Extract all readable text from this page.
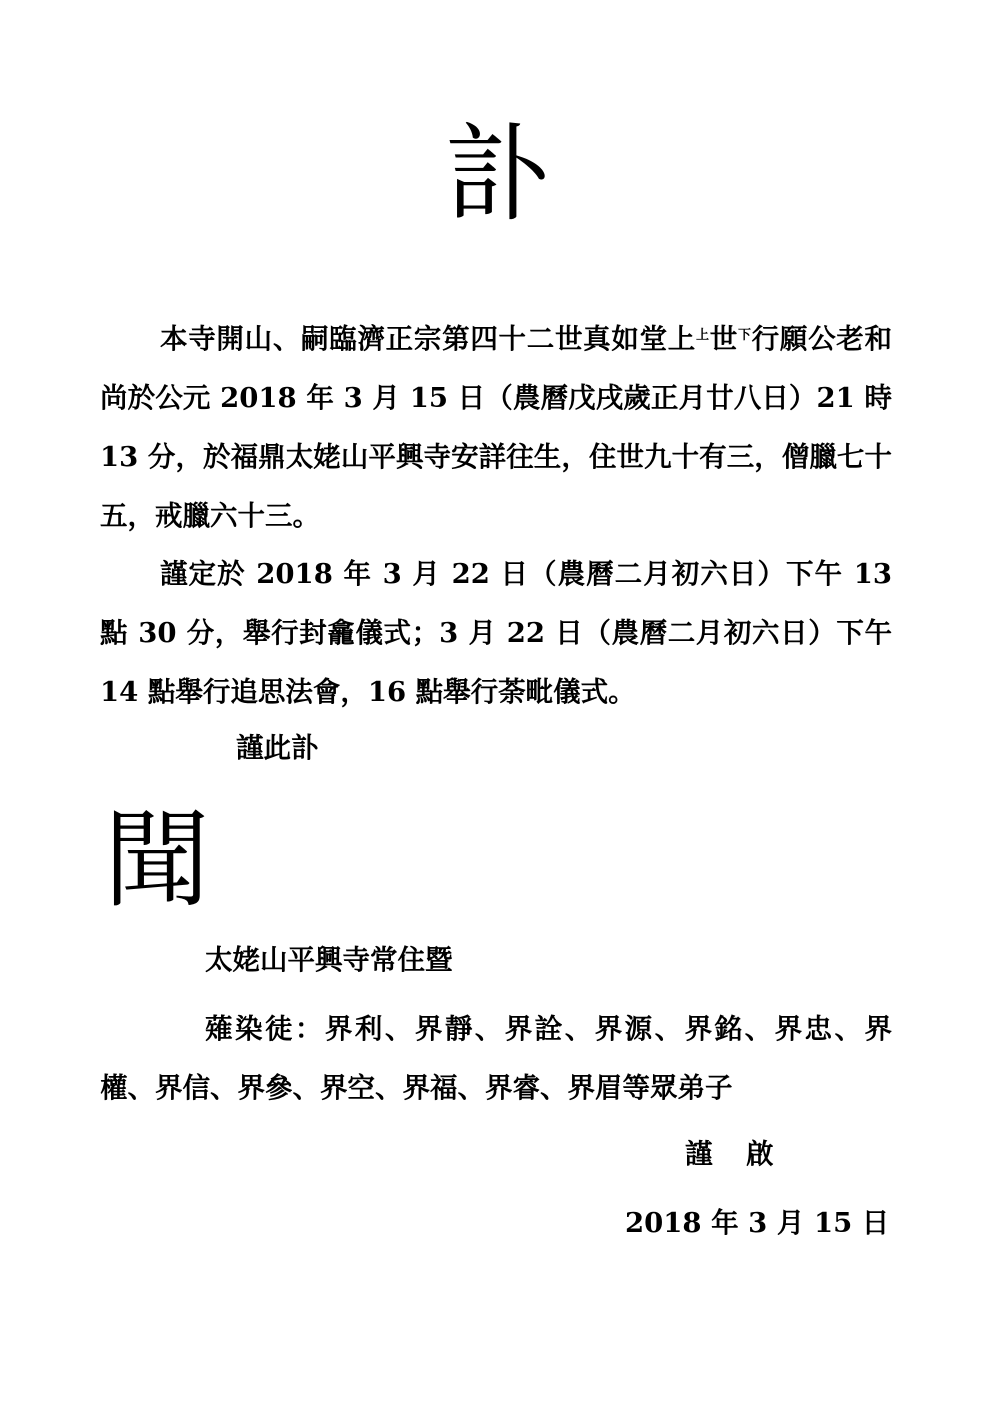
訃

本寺開山、嗣臨濟正宗第四十二世真如堂上$^上$世$^下$行願公老和尚於公元 2018 年 3 月 15 日（農曆戊戌歲正月廿八日）21 時 13 分，於福鼎太姥山平興寺安詳往生，住世九十有三，僧臘七十五，戒臘六十三。

謹定於 2018 年 3 月 22 日（農曆二月初六日）下午 13 點 30 分，舉行封龕儀式；3 月 22 日（農曆二月初六日）下午 14 點舉行追思法會，16 點舉行荼毗儀式。

謹此訃
聞
太姥山平興寺常住暨

薙染徒：界利、界靜、界詮、界源、界銘、界忠、界權、界信、界參、界空、界福、界睿、界眉等眾弟子

謹 啟
2018 年 3 月 15 日
